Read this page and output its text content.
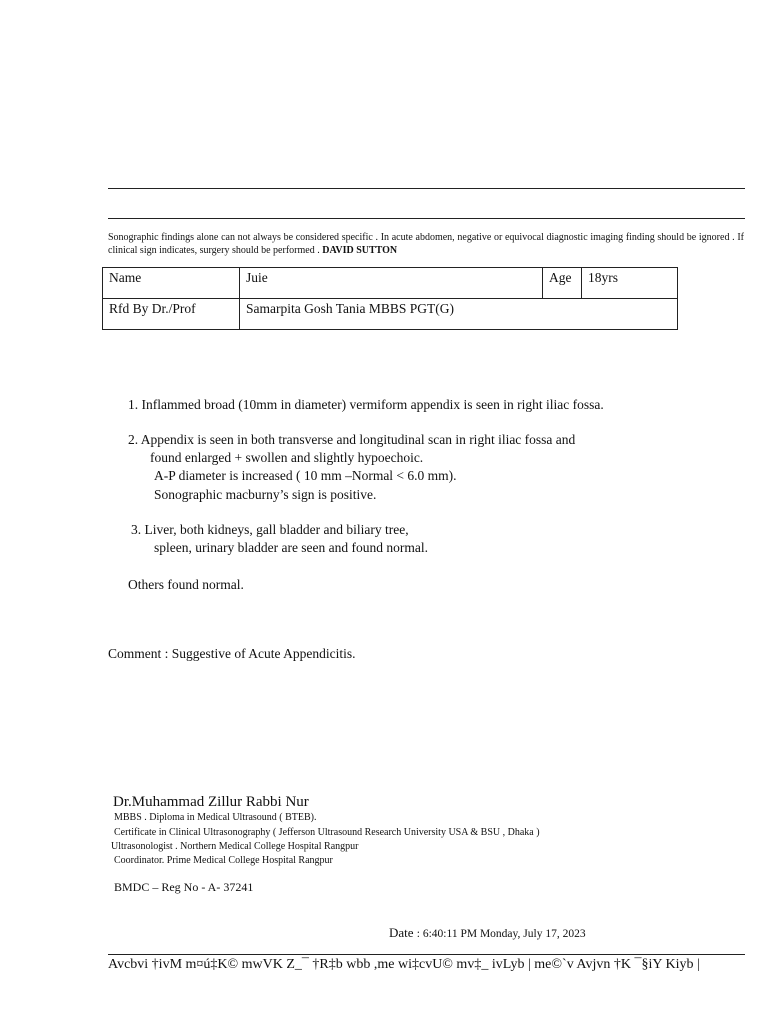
Sonographic findings alone can not always be considered specific . In acute abdomen, negative or equivocal diagnostic imaging finding should be ignored . If clinical sign indicates, surgery should be performed . DAVID SUTTON
Name	Juie	Age	18yrs
Rfd By Dr./Prof	Samarpita Gosh Tania MBBS PGT(G)		
1. Inflammed broad (10mm in diameter) vermiform appendix is seen in right iliac fossa.
2. Appendix is seen in both transverse and longitudinal scan in right iliac fossa and
found enlarged + swollen and slightly hypoechoic.
A-P diameter is increased ( 10 mm –Normal < 6.0 mm).
Sonographic macburny’s sign is positive.
3. Liver, both kidneys, gall bladder and biliary tree,
spleen, urinary bladder are seen and found normal.
Others found normal.
Comment : Suggestive of Acute Appendicitis.
Dr.Muhammad Zillur Rabbi Nur
MBBS . Diploma in Medical Ultrasound ( BTEB).
Certificate in Clinical Ultrasonography ( Jefferson Ultrasound Research University USA & BSU , Dhaka )
Ultrasonologist . Northern Medical College Hospital Rangpur
Coordinator. Prime Medical College Hospital Rangpur
BMDC – Reg No - A- 37241
Date : 6:40:11 PM Monday, July 17, 2023
Avcbvi †ivM m¤ú‡K© mwVK Z_¯ †R‡b wbb ,me wi‡cvU© mv‡_ ivLyb | me©`v Avjvn †K ¯§iY Kiyb |
